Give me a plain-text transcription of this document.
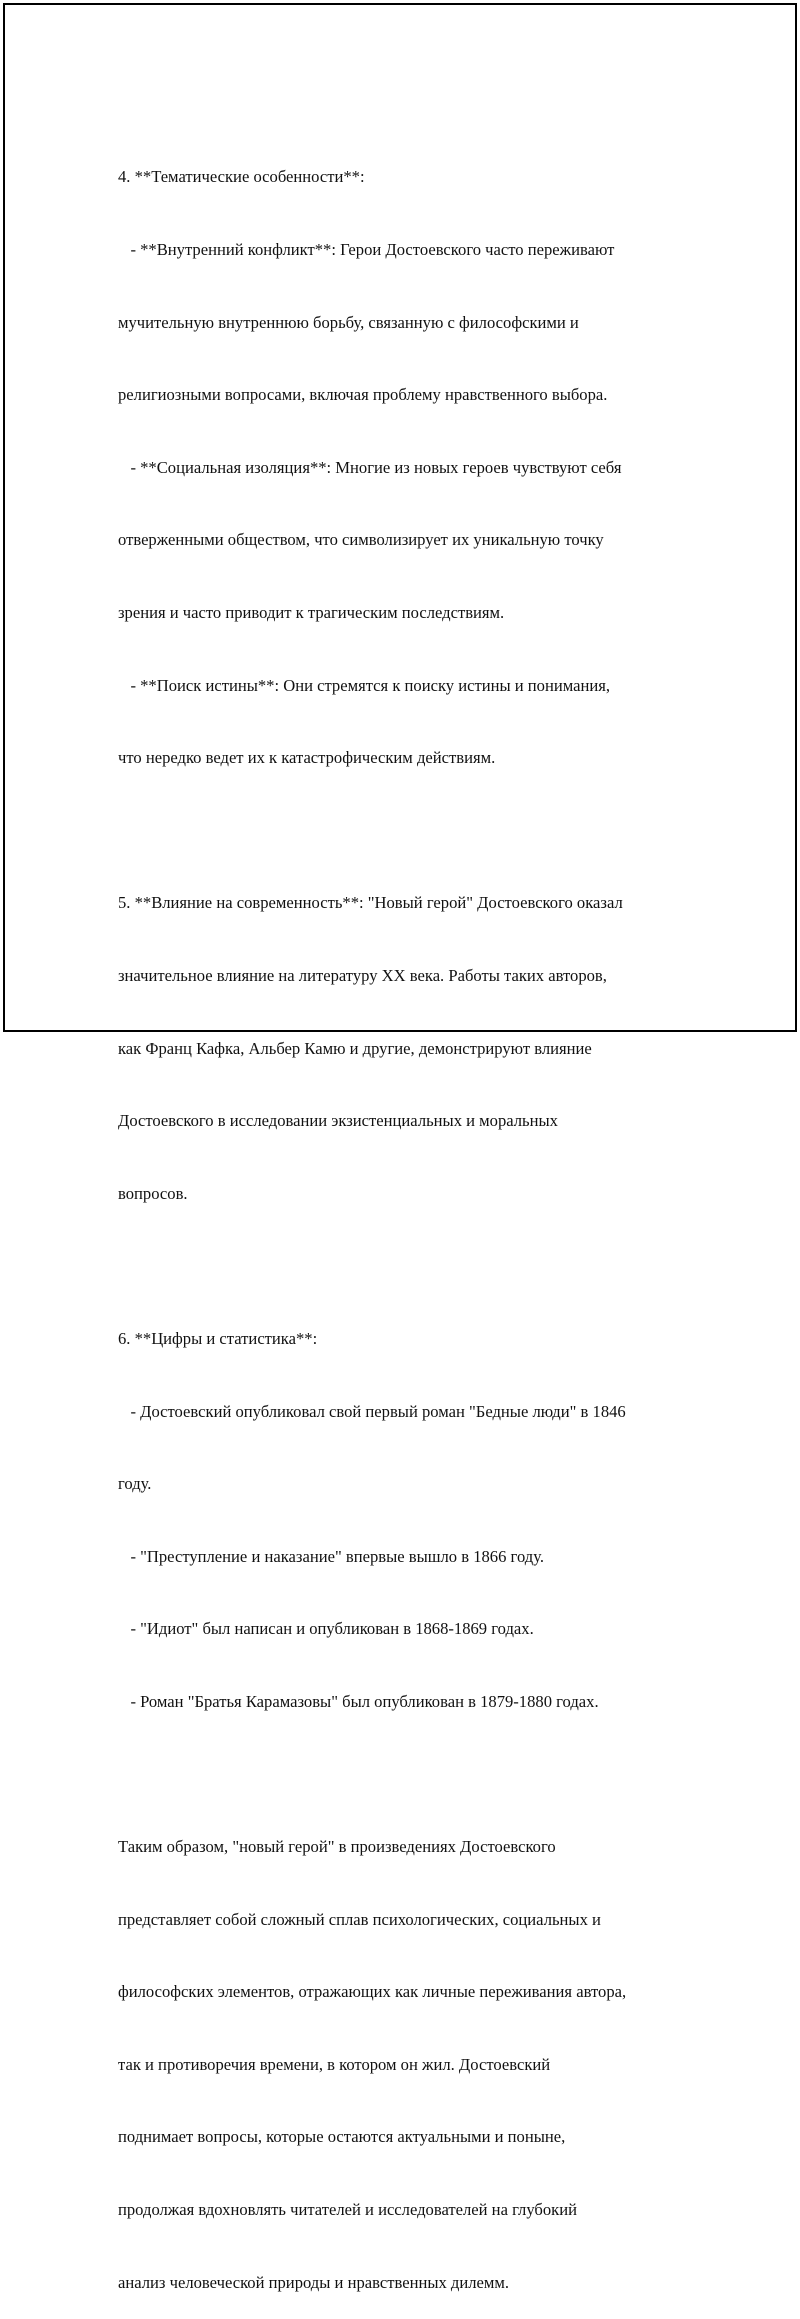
4. **Тематические особенности**:

- **Внутренний конфликт**: Герои Достоевского часто переживают

мучительную внутреннюю борьбу, связанную с философскими и

религиозными вопросами, включая проблему нравственного выбора.

- **Социальная изоляция**: Многие из новых героев чувствуют себя

отверженными обществом, что символизирует их уникальную точку

зрения и часто приводит к трагическим последствиям.

- **Поиск истины**: Они стремятся к поиску истины и понимания,

что нередко ведет их к катастрофическим действиям.

5. **Влияние на современность**: "Новый герой" Достоевского оказал

значительное влияние на литературу XX века. Работы таких авторов,

как Франц Кафка, Альбер Камю и другие, демонстрируют влияние

Достоевского в исследовании экзистенциальных и моральных

вопросов.

6. **Цифры и статистика**:

- Достоевский опубликовал свой первый роман "Бедные люди" в 1846

году.

- "Преступление и наказание" впервые вышло в 1866 году.

- "Идиот" был написан и опубликован в 1868-1869 годах.

- Роман "Братья Карамазовы" был опубликован в 1879-1880 годах.

Таким образом, "новый герой" в произведениях Достоевского

представляет собой сложный сплав психологических, социальных и

философских элементов, отражающих как личные переживания автора,

так и противоречия времени, в котором он жил. Достоевский

поднимает вопросы, которые остаются актуальными и поныне,

продолжая вдохновлять читателей и исследователей на глубокий

анализ человеческой природы и нравственных дилемм.
